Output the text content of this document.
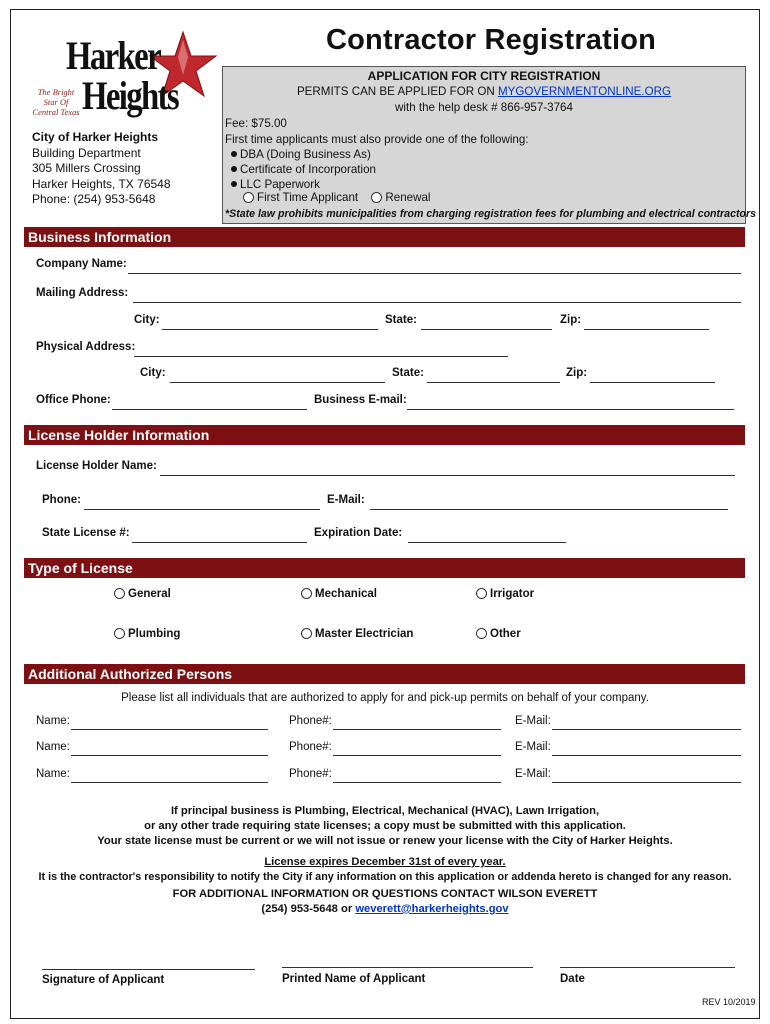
Contractor Registration
Harker
Heights
The Bright Star Of Central Texas
City of Harker Heights
Building Department
305 Millers Crossing
Harker Heights, TX 76548
Phone: (254) 953-5648
APPLICATION FOR CITY REGISTRATION
PERMITS CAN BE APPLIED FOR ON MYGOVERNMENTONLINE.ORG
with the help desk # 866-957-3764
Fee: $75.00
First time applicants must also provide one of the following:
DBA (Doing Business As)
Certificate of Incorporation
LLC Paperwork
First Time Applicant Renewal
*State law prohibits municipalities from charging registration fees for plumbing and electrical contractors
Business Information
Company Name:
Mailing Address:
City:	State:	Zip:
Physical Address:
City:	State:	Zip:
Office Phone:	Business E-mail:
License Holder Information
License Holder Name:
Phone:	E-Mail:
State License #:	Expiration Date:
Type of License
General	Mechanical	Irrigator
Plumbing	Master Electrician	Other
Additional Authorized Persons
Please list all individuals that are authorized to apply for and pick-up permits on behalf of your company.
Name:	Phone#:	E-Mail:
Name:	Phone#:	E-Mail:
Name:	Phone#:	E-Mail:
If principal business is Plumbing, Electrical, Mechanical (HVAC), Lawn Irrigation,
or any other trade requiring state licenses; a copy must be submitted with this application.
Your state license must be current or we will not issue or renew your license with the City of Harker Heights.
License expires December 31st of every year.
It is the contractor's responsibility to notify the City if any information on this application or addenda hereto is changed for any reason.
FOR ADDITIONAL INFORMATION OR QUESTIONS CONTACT WILSON EVERETT
(254) 953-5648 or weverett@harkerheights.gov
Signature of Applicant	Printed Name of Applicant	Date
REV 10/2019
